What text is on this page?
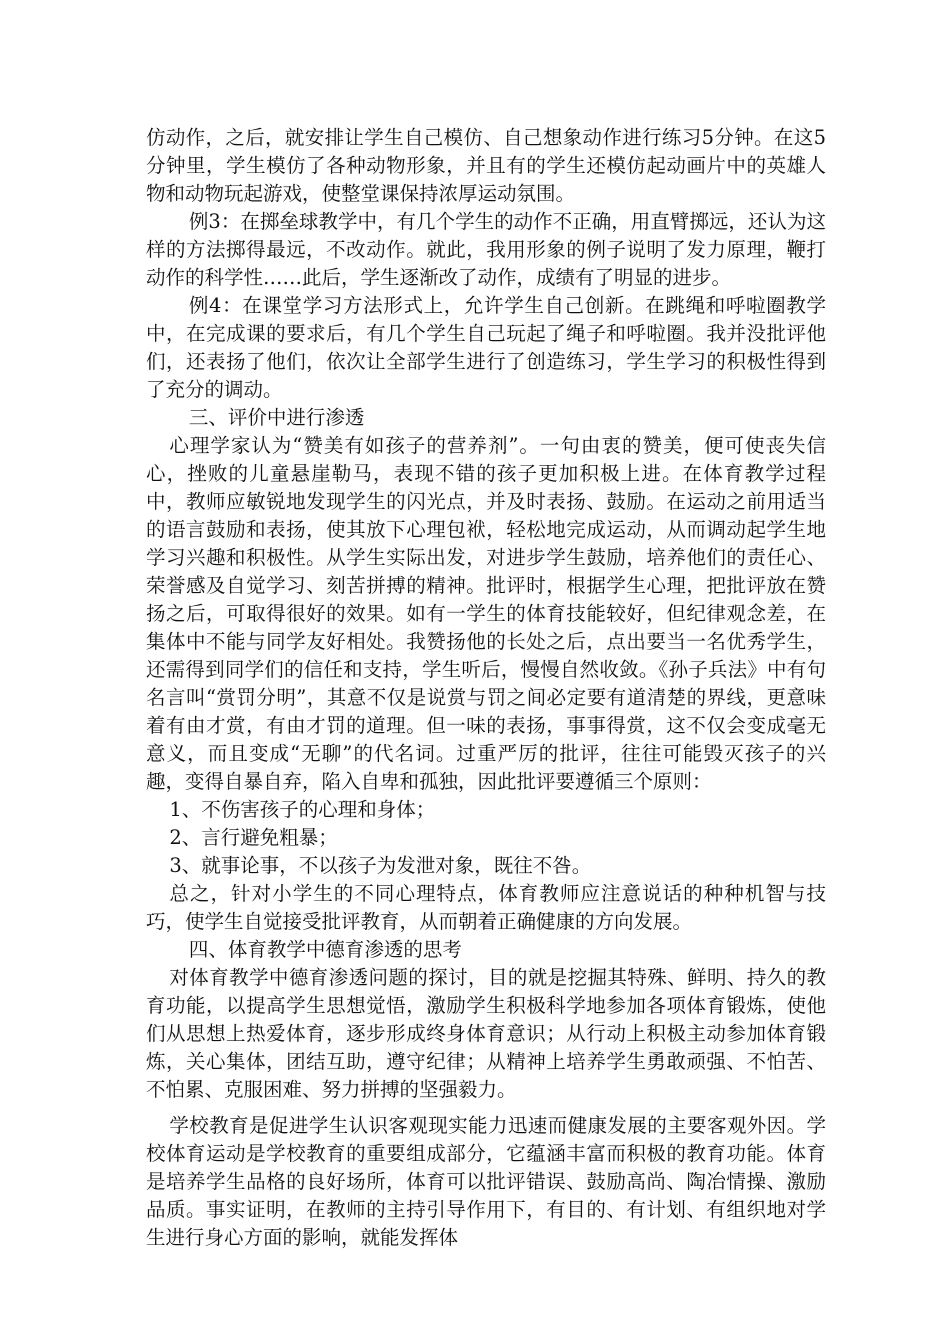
仿动作，之后，就安排让学生自己模仿、自己想象动作进行练习5分钟。在这5分钟里，学生模仿了各种动物形象，并且有的学生还模仿起动画片中的英雄人物和动物玩起游戏，使整堂课保持浓厚运动氛围。

例3：在掷垒球教学中，有几个学生的动作不正确，用直臂掷远，还认为这样的方法掷得最远，不改动作。就此，我用形象的例子说明了发力原理，鞭打动作的科学性……此后，学生逐渐改了动作，成绩有了明显的进步。

例4：在课堂学习方法形式上，允许学生自己创新。在跳绳和呼啦圈教学中，在完成课的要求后，有几个学生自己玩起了绳子和呼啦圈。我并没批评他们，还表扬了他们，依次让全部学生进行了创造练习，学生学习的积极性得到了充分的调动。

三、评价中进行渗透

心理学家认为“赞美有如孩子的营养剂”。一句由衷的赞美，便可使丧失信心，挫败的儿童悬崖勒马，表现不错的孩子更加积极上进。在体育教学过程中，教师应敏锐地发现学生的闪光点，并及时表扬、鼓励。在运动之前用适当的语言鼓励和表扬，使其放下心理包袱，轻松地完成运动，从而调动起学生地学习兴趣和积极性。从学生实际出发，对进步学生鼓励，培养他们的责任心、荣誉感及自觉学习、刻苦拼搏的精神。批评时，根据学生心理，把批评放在赞扬之后，可取得很好的效果。如有一学生的体育技能较好，但纪律观念差，在集体中不能与同学友好相处。我赞扬他的长处之后，点出要当一名优秀学生，还需得到同学们的信任和支持，学生听后，慢慢自然收敛。《孙子兵法》中有句名言叫“赏罚分明”，其意不仅是说赏与罚之间必定要有道清楚的界线，更意味着有由才赏，有由才罚的道理。但一味的表扬，事事得赏，这不仅会变成毫无意义，而且变成“无聊”的代名词。过重严厉的批评，往往可能毁灭孩子的兴趣，变得自暴自弃，陷入自卑和孤独，因此批评要遵循三个原则：

1、不伤害孩子的心理和身体；

2、言行避免粗暴；

3、就事论事，不以孩子为发泄对象，既往不咎。

总之，针对小学生的不同心理特点，体育教师应注意说话的种种机智与技巧，使学生自觉接受批评教育，从而朝着正确健康的方向发展。

四、体育教学中德育渗透的思考

对体育教学中德育渗透问题的探讨，目的就是挖掘其特殊、鲜明、持久的教育功能，以提高学生思想觉悟，激励学生积极科学地参加各项体育锻炼，使他们从思想上热爱体育，逐步形成终身体育意识；从行动上积极主动参加体育锻炼，关心集体，团结互助，遵守纪律；从精神上培养学生勇敢顽强、不怕苦、不怕累、克服困难、努力拼搏的坚强毅力。

学校教育是促进学生认识客观现实能力迅速而健康发展的主要客观外因。学校体育运动是学校教育的重要组成部分，它蕴涵丰富而积极的教育功能。体育是培养学生品格的良好场所，体育可以批评错误、鼓励高尚、陶冶情操、激励品质。事实证明，在教师的主持引导作用下，有目的、有计划、有组织地对学生进行身心方面的影响，就能发挥体
